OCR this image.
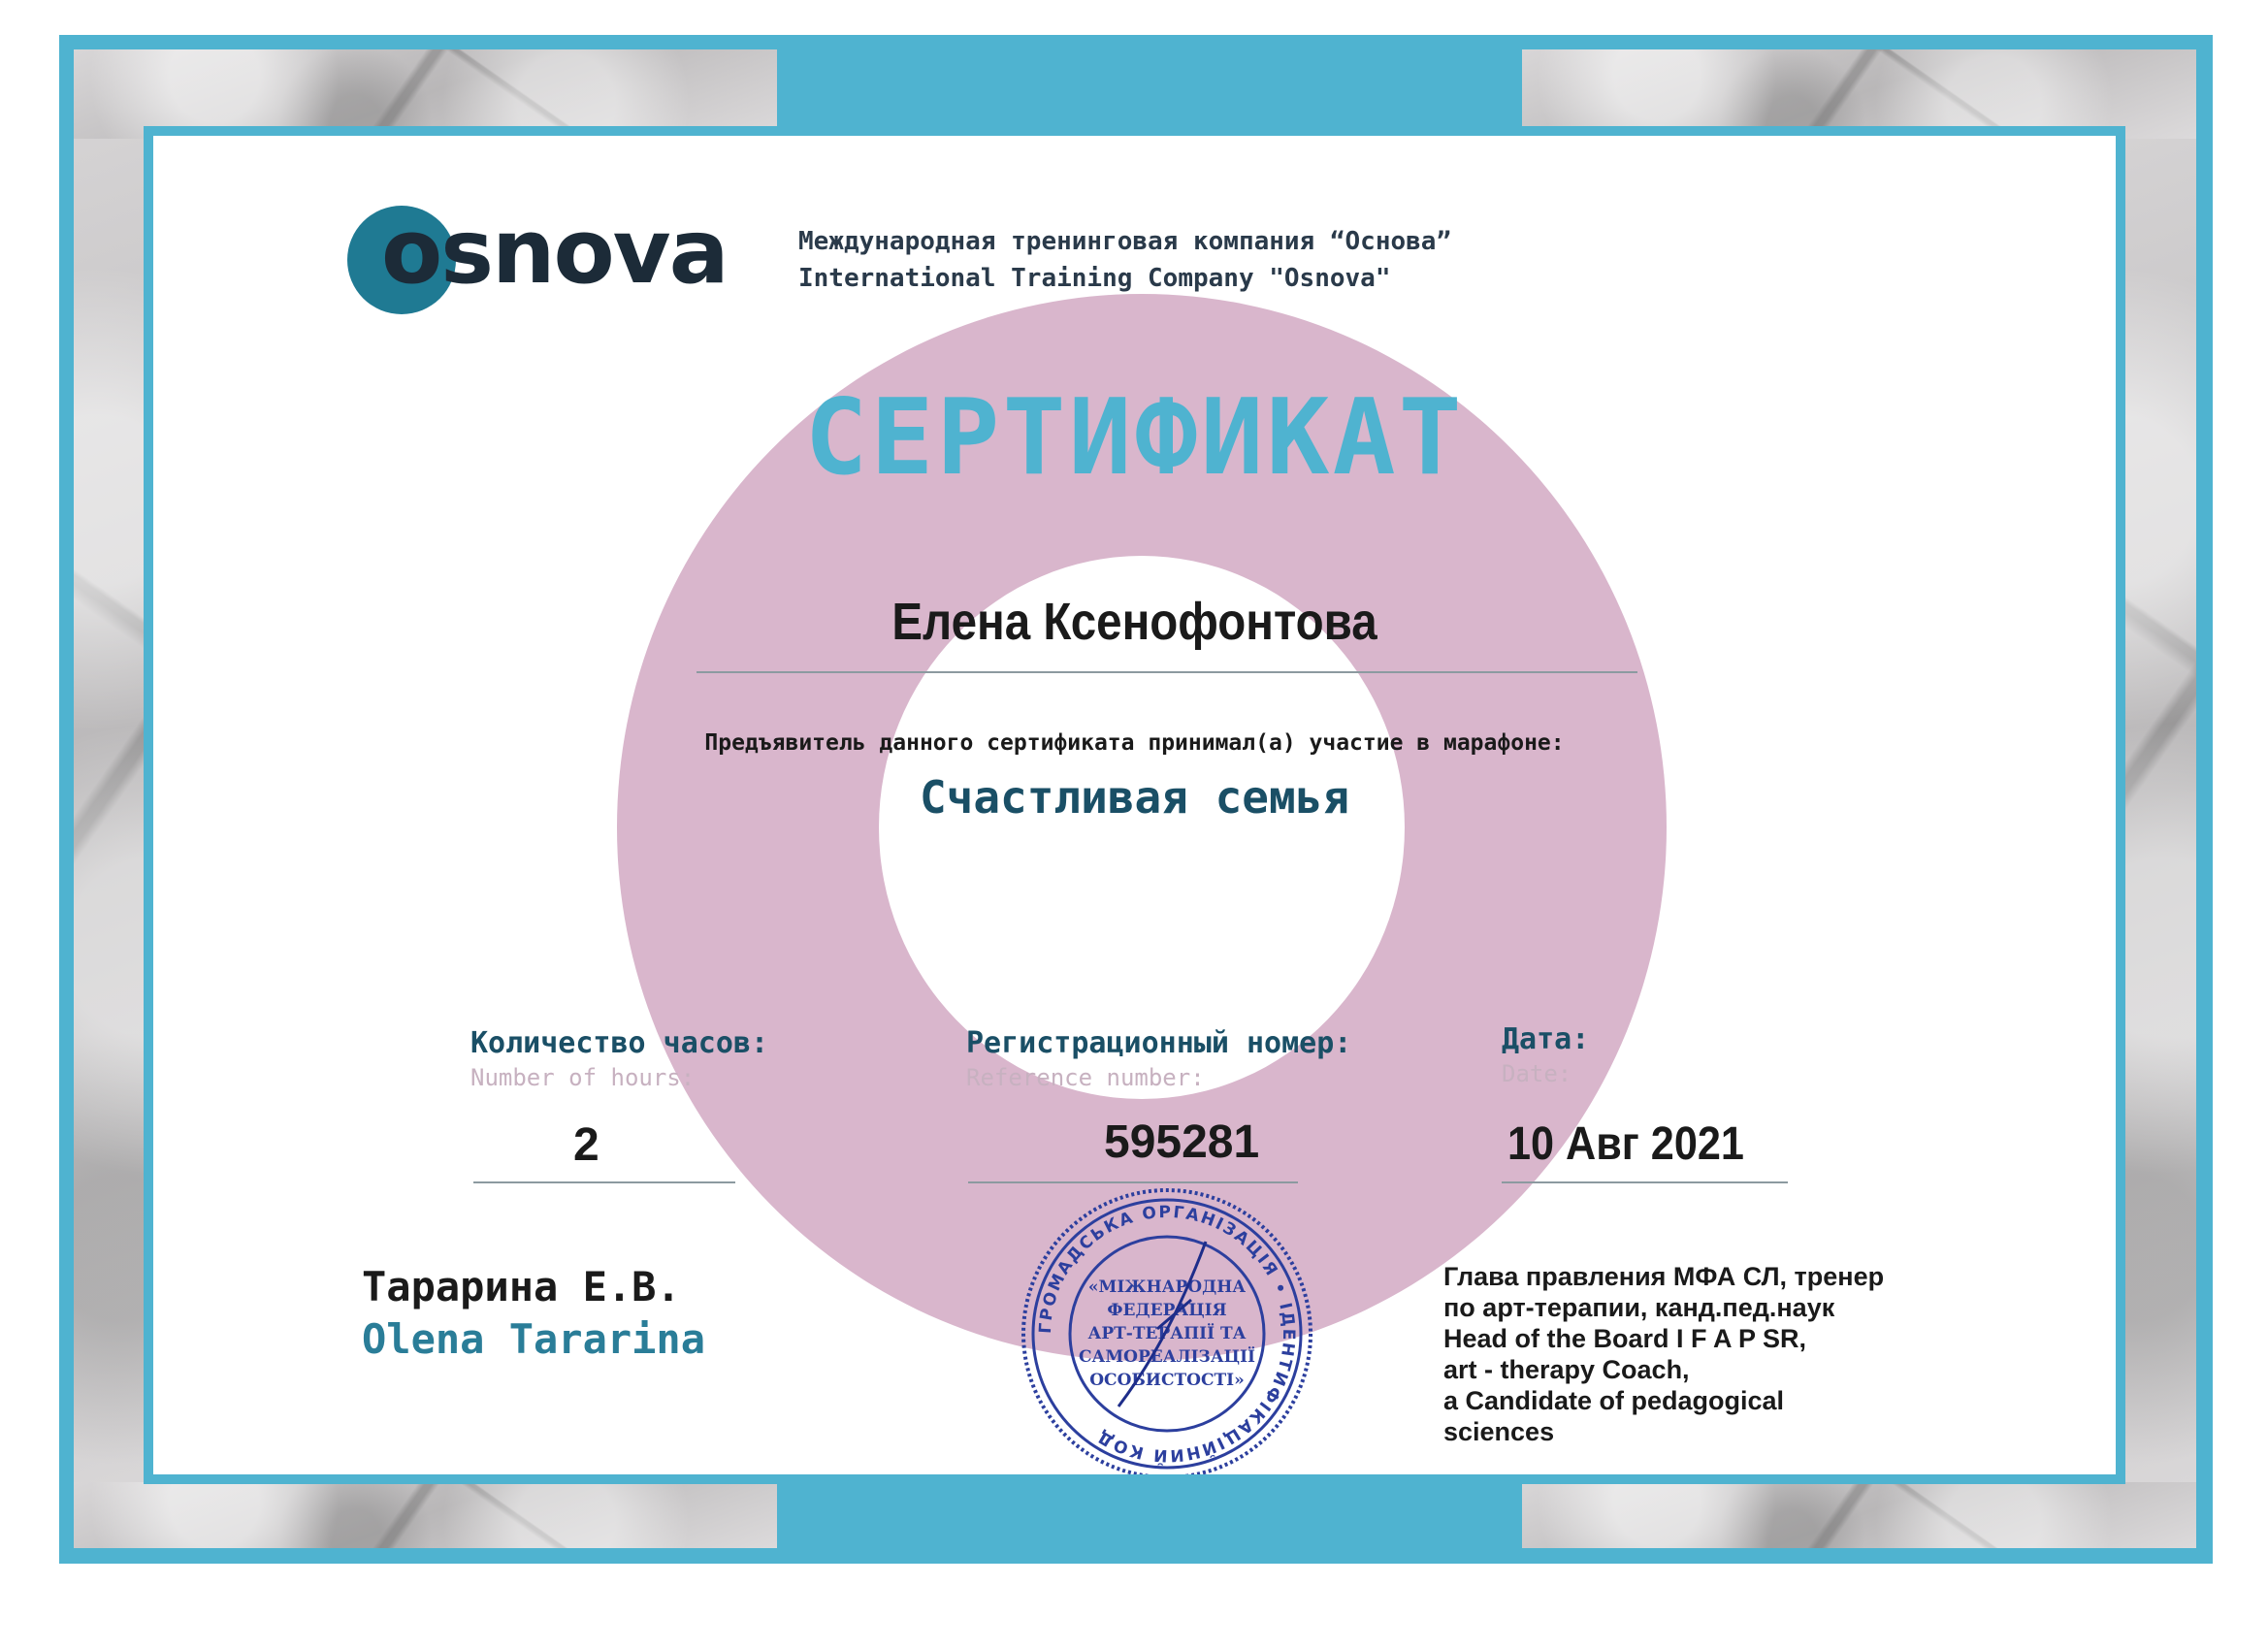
osnova	Международная тренинговая компания “Основа”
International Training Company "Osnova"
СЕРТИФИКАТ
Елена Ксенофонтова
Предъявитель данного сертификата принимал(а) участие в марафоне:
Счастливая семья
Количество часов:
Number of hours:
2
Регистрационный номер:
Reference number:
595281
Дата:
Date:
10 Авг 2021
Тарарина Е.В.
Olena Tararina
Глава правления МФА СЛ, тренер
по арт-терапии, канд.пед.наук
Head of the Board I F A P SR,
art - therapy Coach,
a Candidate of pedagogical
sciences
ГРОМАДСЬКА ОРГАНІЗАЦІЯ • ІДЕНТИФІКАЦІЙНИЙ КОД
«МІЖНАРОДНА
ФЕДЕРАЦІЯ
АРТ-ТЕРАПІЇ ТА
САМОРЕАЛІЗАЦІЇ
ОСОБИСТОСТІ»
